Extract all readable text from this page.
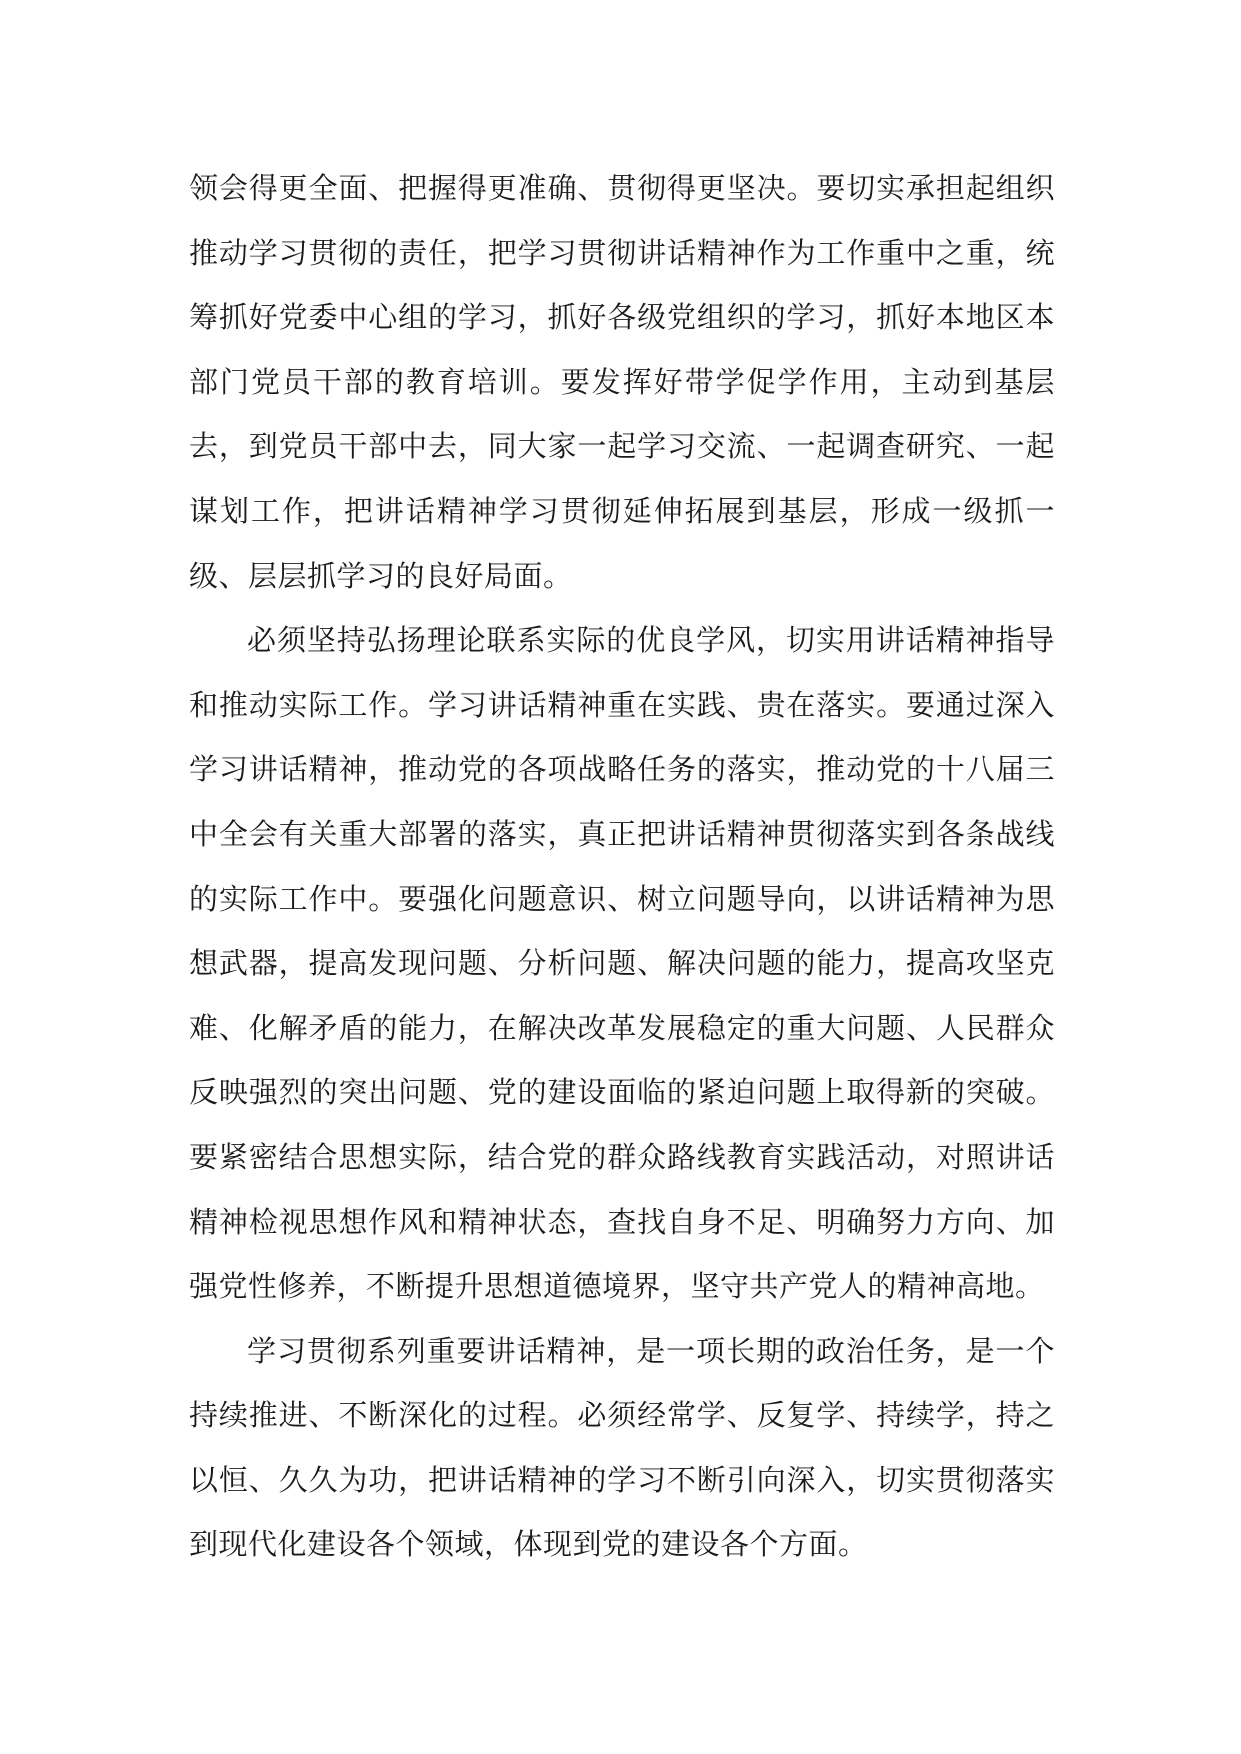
领会得更全面、把握得更准确、贯彻得更坚决。要切实承担起组织推动学习贯彻的责任，把学习贯彻讲话精神作为工作重中之重，统筹抓好党委中心组的学习，抓好各级党组织的学习，抓好本地区本部门党员干部的教育培训。要发挥好带学促学作用，主动到基层去，到党员干部中去，同大家一起学习交流、一起调查研究、一起谋划工作，把讲话精神学习贯彻延伸拓展到基层，形成一级抓一级、层层抓学习的良好局面。

必须坚持弘扬理论联系实际的优良学风，切实用讲话精神指导和推动实际工作。学习讲话精神重在实践、贵在落实。要通过深入学习讲话精神，推动党的各项战略任务的落实，推动党的十八届三中全会有关重大部署的落实，真正把讲话精神贯彻落实到各条战线的实际工作中。要强化问题意识、树立问题导向，以讲话精神为思想武器，提高发现问题、分析问题、解决问题的能力，提高攻坚克难、化解矛盾的能力，在解决改革发展稳定的重大问题、人民群众反映强烈的突出问题、党的建设面临的紧迫问题上取得新的突破。要紧密结合思想实际，结合党的群众路线教育实践活动，对照讲话精神检视思想作风和精神状态，查找自身不足、明确努力方向、加强党性修养，不断提升思想道德境界，坚守共产党人的精神高地。

学习贯彻系列重要讲话精神，是一项长期的政治任务，是一个持续推进、不断深化的过程。必须经常学、反复学、持续学，持之以恒、久久为功，把讲话精神的学习不断引向深入，切实贯彻落实到现代化建设各个领域，体现到党的建设各个方面。
